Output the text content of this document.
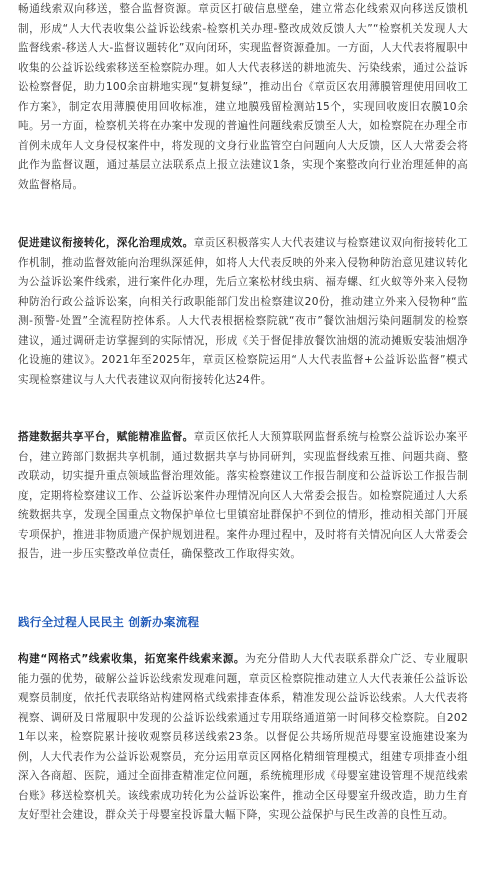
畅通线索双向移送，整合监督资源。章贡区打破信息壁垒，建立常态化线索双向移送反馈机制，形成“人大代表收集公益诉讼线索-检察机关办理-整改成效反馈人大”“检察机关发现人大监督线索-移送人大-监督议题转化”双向闭环，实现监督资源叠加。一方面，人大代表将履职中收集的公益诉讼线索移送至检察院办理。如人大代表移送的耕地流失、污染线索，通过公益诉讼检察督促，助力100余亩耕地实现“复耕复绿”，推动出台《章贡区农用薄膜管理使用回收工作方案》，制定农用薄膜使用回收标准，建立地膜残留检测站15个，实现回收废旧农膜10余吨。另一方面，检察机关将在办案中发现的普遍性问题线索反馈至人大，如检察院在办理全市首例未成年人文身侵权案件中，将发现的文身行业监管空白问题向人大反馈，区人大常委会将此作为监督议题，通过基层立法联系点上报立法建议1条，实现个案整改向行业治理延伸的高效监督格局。

促进建议衔接转化，深化治理成效。章贡区积极落实人大代表建议与检察建议双向衔接转化工作机制，推动监督效能向治理纵深延伸，如将人大代表反映的外来入侵物种防治意见建议转化为公益诉讼案件线索，进行案件化办理，先后立案松材线虫病、福寿螺、红火蚁等外来入侵物种防治行政公益诉讼案，向相关行政职能部门发出检察建议20份，推动建立外来入侵物种“监测-预警-处置”全流程防控体系。人大代表根据检察院就“夜市”餐饮油烟污染问题制发的检察建议，通过调研走访掌握到的实际情况，形成《关于督促排放餐饮油烟的流动摊贩安装油烟净化设施的建议》。2021年至2025年，章贡区检察院运用“人大代表监督+公益诉讼监督”模式实现检察建议与人大代表建议双向衔接转化达24件。

搭建数据共享平台，赋能精准监督。章贡区依托人大预算联网监督系统与检察公益诉讼办案平台，建立跨部门数据共享机制，通过数据共享与协同研判，实现监督线索互推、问题共商、整改联动，切实提升重点领域监督治理效能。落实检察建议工作报告制度和公益诉讼工作报告制度，定期将检察建议工作、公益诉讼案件办理情况向区人大常委会报告。如检察院通过人大系统数据共享，发现全国重点文物保护单位七里镇窑址群保护不到位的情形，推动相关部门开展专项保护，推进非物质遗产保护规划进程。案件办理过程中，及时将有关情况向区人大常委会报告，进一步压实整改单位责任，确保整改工作取得实效。

践行全过程人民民主 创新办案流程

构建“网格式”线索收集，拓宽案件线索来源。为充分借助人大代表联系群众广泛、专业履职能力强的优势，破解公益诉讼线索发现难问题，章贡区检察院推动建立人大代表兼任公益诉讼观察员制度，依托代表联络站构建网格式线索排查体系，精准发现公益诉讼线索。人大代表将视察、调研及日常履职中发现的公益诉讼线索通过专用联络通道第一时间移交检察院。自2021年以来，检察院累计接收观察员移送线索23条。以督促公共场所规范母婴室设施建设案为例，人大代表作为公益诉讼观察员，充分运用章贡区网格化精细管理模式，组建专项排查小组深入各商超、医院，通过全面排查精准定位问题，系统梳理形成《母婴室建设管理不规范线索台账》移送检察机关。该线索成功转化为公益诉讼案件，推动全区母婴室升级改造，助力生育友好型社会建设，群众关于母婴室投诉量大幅下降，实现公益保护与民生改善的良性互动。
